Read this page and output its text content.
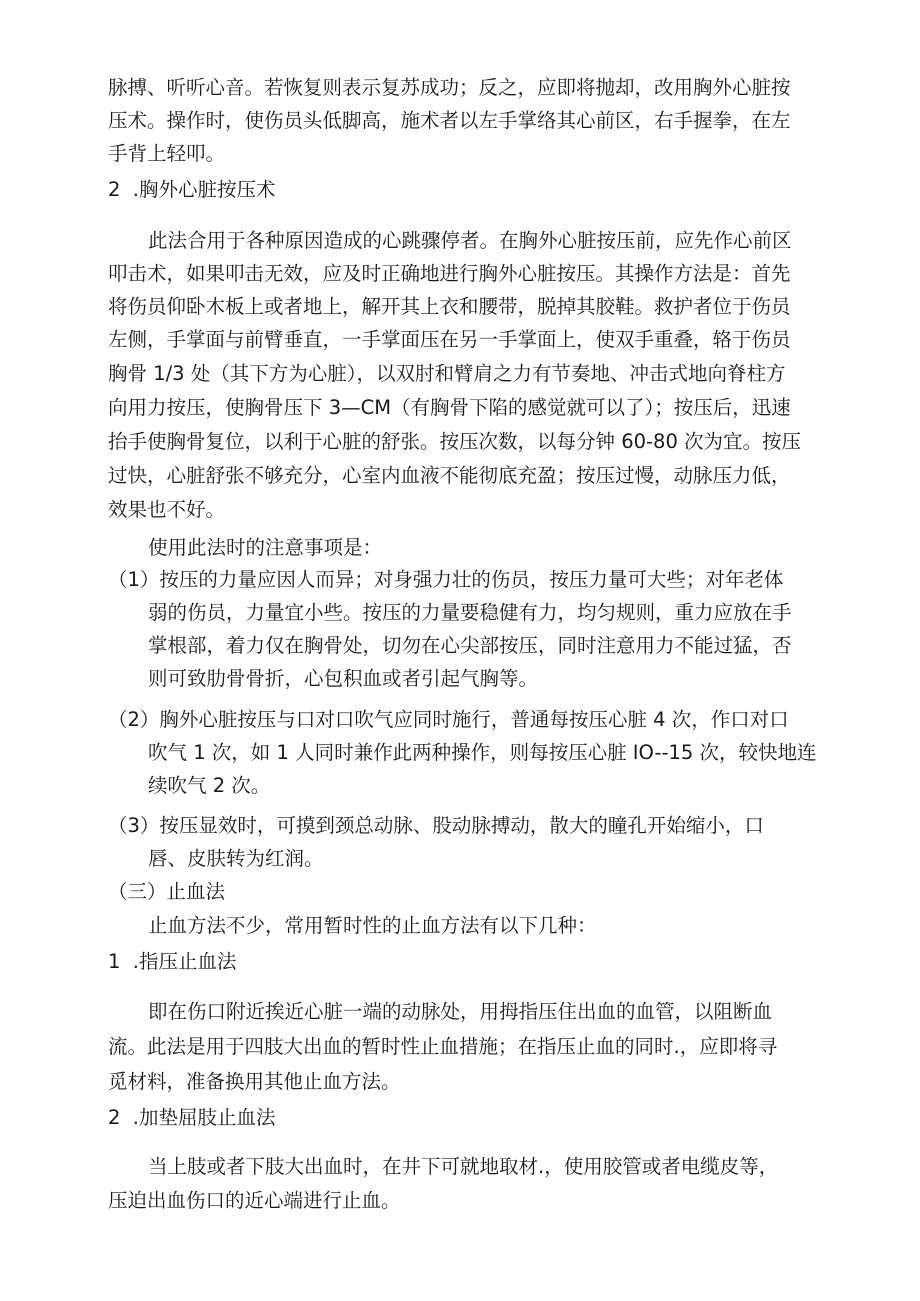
脉搏、听听心音。若恢复则表示复苏成功；反之，应即将抛却，改用胸外心脏按
压术。操作时，使伤员头低脚高，施术者以左手掌络其心前区，右手握拳，在左
手背上轻叩。
2  .胸外心脏按压术
此法合用于各种原因造成的心跳骤停者。在胸外心脏按压前，应先作心前区
叩击术，如果叩击无效，应及时正确地进行胸外心脏按压。其操作方法是：首先
将伤员仰卧木板上或者地上，解开其上衣和腰带，脱掉其胶鞋。救护者位于伤员
左侧，手掌面与前臂垂直，一手掌面压在另一手掌面上，使双手重叠，辂于伤员
胸骨 1/3 处（其下方为心脏），以双肘和臂肩之力有节奏地、冲击式地向脊柱方
向用力按压，使胸骨压下 3—CM（有胸骨下陷的感觉就可以了）；按压后，迅速
抬手使胸骨复位，以利于心脏的舒张。按压次数，以每分钟 60-80 次为宜。按压
过快，心脏舒张不够充分，心室内血液不能彻底充盈；按压过慢，动脉压力低，
效果也不好。
使用此法时的注意事项是：
（1）按压的力量应因人而异；对身强力壮的伤员，按压力量可大些；对年老体
弱的伤员，力量宜小些。按压的力量要稳健有力，均匀规则，重力应放在手
掌根部，着力仅在胸骨处，切勿在心尖部按压，同时注意用力不能过猛，否
则可致肋骨骨折，心包积血或者引起气胸等。
（2）胸外心脏按压与口对口吹气应同时施行，普通每按压心脏 4 次，作口对口
吹气 1 次，如 1 人同时兼作此两种操作，则每按压心脏 IO--15 次，较快地连
续吹气 2 次。
（3）按压显效时，可摸到颈总动脉、股动脉搏动，散大的瞳孔开始缩小，口
唇、皮肤转为红润。
（三）止血法
止血方法不少，常用暂时性的止血方法有以下几种：
1  .指压止血法
即在伤口附近挨近心脏一端的动脉处，用拇指压住出血的血管，以阻断血
流。此法是用于四肢大出血的暂时性止血措施；在指压止血的同时.，应即将寻
觅材料，准备换用其他止血方法。
2  .加垫屈肢止血法
当上肢或者下肢大出血时，在井下可就地取材.，使用胶管或者电缆皮等，
压迫出血伤口的近心端进行止血。
